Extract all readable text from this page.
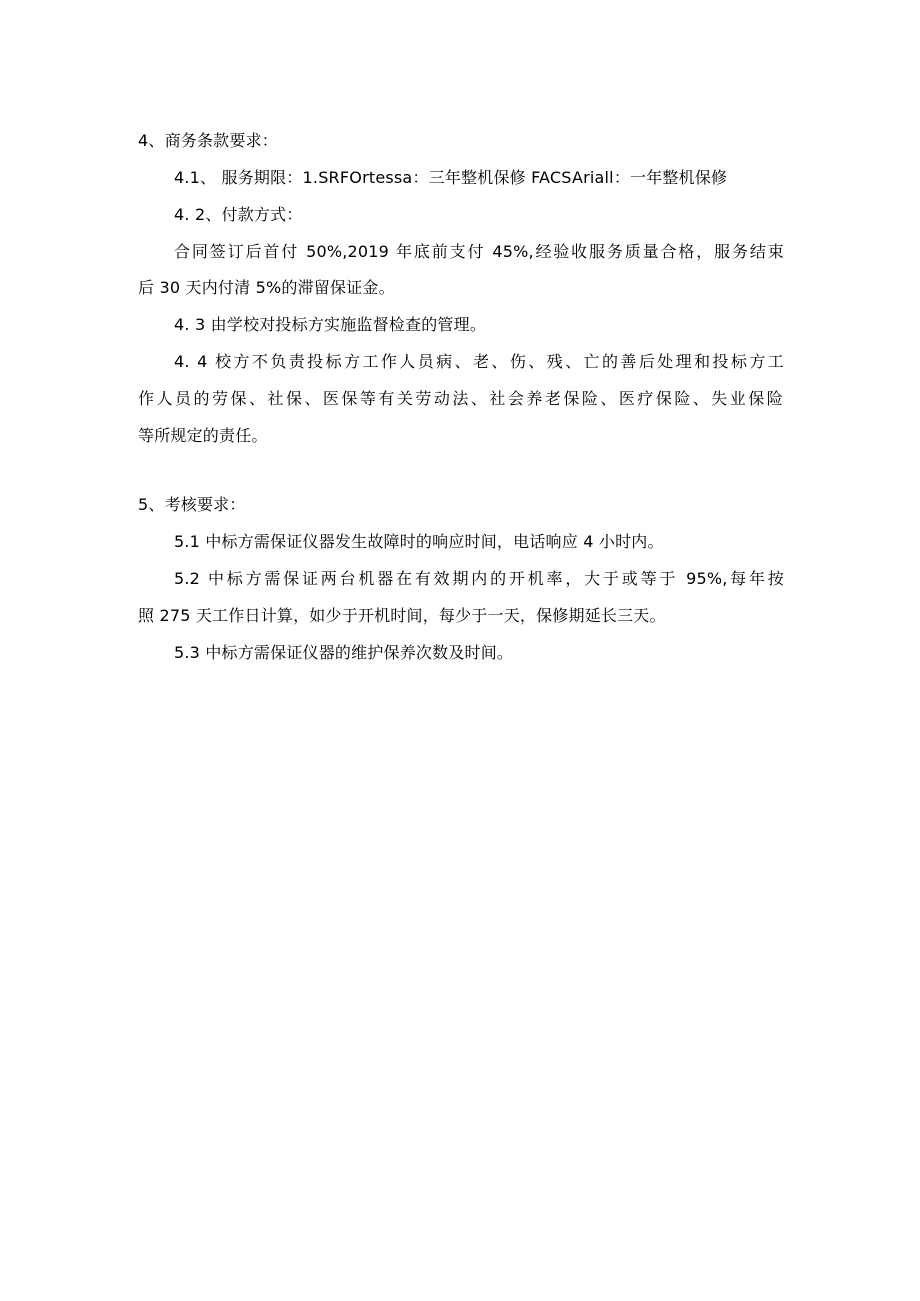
4、商务条款要求：
4.1、 服务期限：1.SRFOrtessa：三年整机保修 FACSAriall：一年整机保修
4. 2、付款方式：
合同签订后首付 50%,2019 年底前支付 45%,经验收服务质量合格，服务结束
后 30 天内付清 5%的滞留保证金。
4. 3 由学校对投标方实施监督检查的管理。
4. 4 校方不负责投标方工作人员病、老、伤、残、亡的善后处理和投标方工
作人员的劳保、社保、医保等有关劳动法、社会养老保险、医疗保险、失业保险
等所规定的责任。
5、考核要求：
5.1 中标方需保证仪器发生故障时的响应时间，电话响应 4 小时内。
5.2 中标方需保证两台机器在有效期内的开机率，大于或等于 95%,每年按
照 275 天工作日计算，如少于开机时间，每少于一天，保修期延长三天。
5.3 中标方需保证仪器的维护保养次数及时间。
